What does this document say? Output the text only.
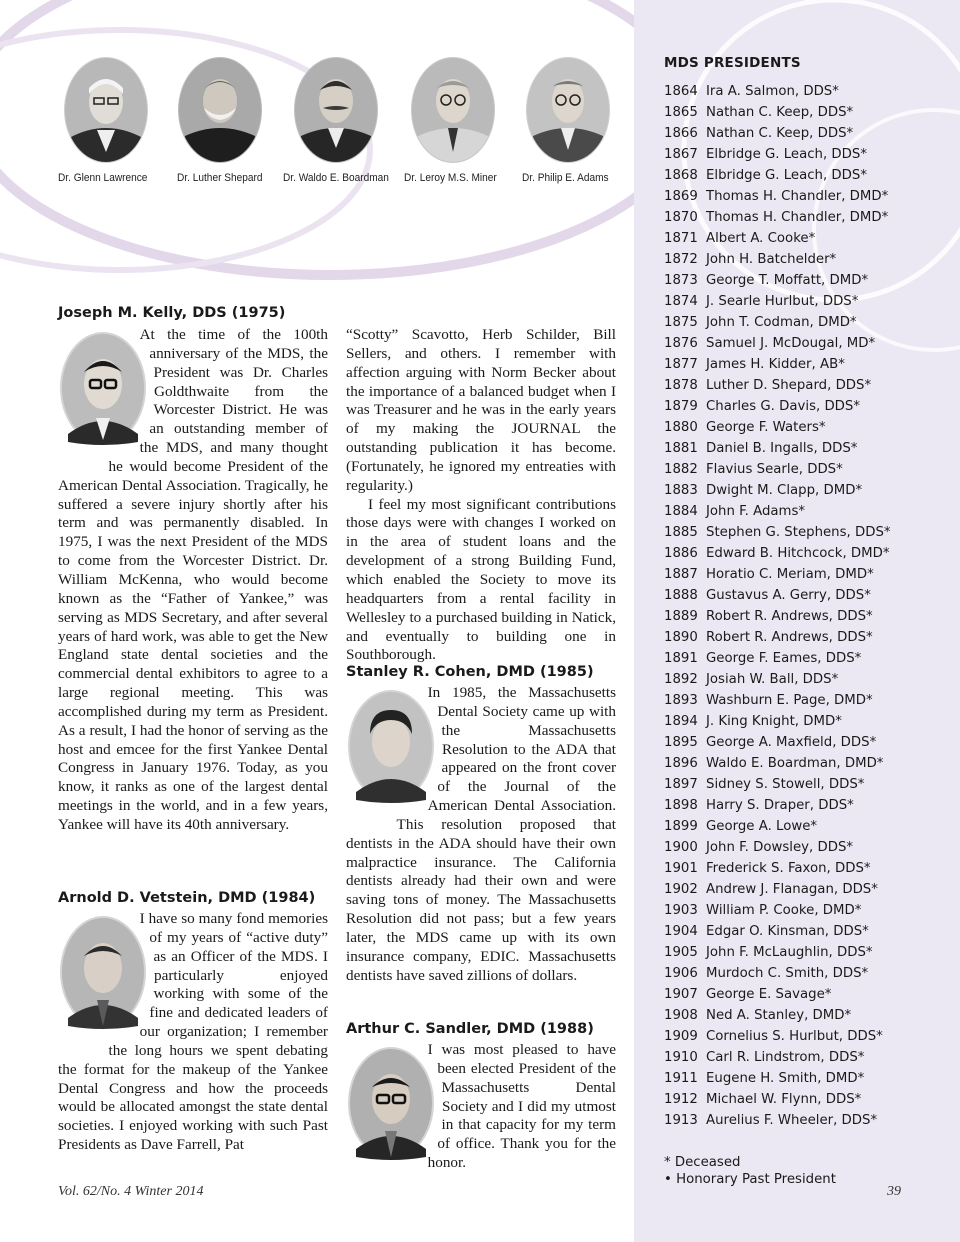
Dr. Glenn Lawrence	Dr. Luther Shepard Dr. Waldo E. Boardman Dr. Leroy M.S. Miner Dr. Philip E. Adams
Joseph M. Kelly, DDS (1975)

At the time of the 100th anniversary of the MDS, the President was Dr. Charles Goldthwaite from the Worcester District. He was an outstanding member of the MDS, and many thought he would become President of the American Dental Association. Tragically, he suffered a severe injury shortly after his term and was permanently disabled. In 1975, I was the next President of the MDS to come from the Worcester District. Dr. William McKenna, who would become known as the “Father of Yankee,” was serving as MDS Secretary, and after several years of hard work, was able to get the New England state dental societies and the commercial dental exhibitors to agree to a large regional meeting. This was accomplished during my term as President. As a result, I had the honor of serving as the host and emcee for the first Yankee Dental Congress in January 1976. Today, as you know, it ranks as one of the largest dental meetings in the world, and in a few years, Yankee will have its 40th anniversary.

Arnold D. Vetstein, DMD (1984)

I have so many fond memories of my years of “active duty” as an Officer of the MDS. I particularly enjoyed working with some of the fine and dedicated leaders of our organization; I remember the long hours we spent debating the format for the makeup of the Yankee Dental Congress and how the proceeds would be allocated amongst the state dental societies. I enjoyed working with such Past Presidents as Dave Farrell, Pat

“Scotty” Scavotto, Herb Schilder, Bill Sellers, and others. I remember with affection arguing with Norm Becker about the importance of a balanced budget when I was Treasurer and he was in the early years of my making the JOURNAL the outstanding publication it has become. (Fortunately, he ignored my entreaties with regularity.)

I feel my most significant contributions those days were with changes I worked on in the area of student loans and the development of a strong Building Fund, which enabled the Society to move its headquarters from a rental facility in Wellesley to a purchased building in Natick, and eventually to building one in Southborough.

Stanley R. Cohen, DMD (1985)

In 1985, the Massachusetts Dental Society came up with the Massachusetts Resolution to the ADA that appeared on the front cover of the Journal of the American Dental Association. This resolution proposed that dentists in the ADA should have their own malpractice insurance. The California dentists already had their own and were saving tons of money. The Massachusetts Resolution did not pass; but a few years later, the MDS came up with its own insurance company, EDIC. Massachusetts dentists have saved zillions of dollars.

Arthur C. Sandler, DMD (1988)

I was most pleased to have been elected President of the Massachusetts Dental Society and I did my utmost in that capacity for my term of office. Thank you for the honor.

MDS PRESIDENTS
1864 Ira A. Salmon, DDS*
1865 Nathan C. Keep, DDS*
1866 Nathan C. Keep, DDS*
1867 Elbridge G. Leach, DDS*
1868 Elbridge G. Leach, DDS*
1869 Thomas H. Chandler, DMD*
1870 Thomas H. Chandler, DMD*
1871 Albert A. Cooke*
1872 John H. Batchelder*
1873 George T. Moffatt, DMD*
1874 J. Searle Hurlbut, DDS*
1875 John T. Codman, DMD*
1876 Samuel J. McDougal, MD*
1877 James H. Kidder, AB*
1878 Luther D. Shepard, DDS*
1879 Charles G. Davis, DDS*
1880 George F. Waters*
1881 Daniel B. Ingalls, DDS*
1882 Flavius Searle, DDS*
1883 Dwight M. Clapp, DMD*
1884 John F. Adams*
1885 Stephen G. Stephens, DDS*
1886 Edward B. Hitchcock, DMD*
1887 Horatio C. Meriam, DMD*
1888 Gustavus A. Gerry, DDS*
1889 Robert R. Andrews, DDS*
1890 Robert R. Andrews, DDS*
1891 George F. Eames, DDS*
1892 Josiah W. Ball, DDS*
1893 Washburn E. Page, DMD*
1894 J. King Knight, DMD*
1895 George A. Maxfield, DDS*
1896 Waldo E. Boardman, DMD*
1897 Sidney S. Stowell, DDS*
1898 Harry S. Draper, DDS*
1899 George A. Lowe*
1900 John F. Dowsley, DDS*
1901 Frederick S. Faxon, DDS*
1902 Andrew J. Flanagan, DDS*
1903 William P. Cooke, DMD*
1904 Edgar O. Kinsman, DDS*
1905 John F. McLaughlin, DDS*
1906 Murdoch C. Smith, DDS*
1907 George E. Savage*
1908 Ned A. Stanley, DMD*
1909 Cornelius S. Hurlbut, DDS*
1910 Carl R. Lindstrom, DDS*
1911 Eugene H. Smith, DMD*
1912 Michael W. Flynn, DDS*
1913 Aurelius F. Wheeler, DDS*
* Deceased
• Honorary Past President
Vol. 62/No. 4 Winter 2014	39
